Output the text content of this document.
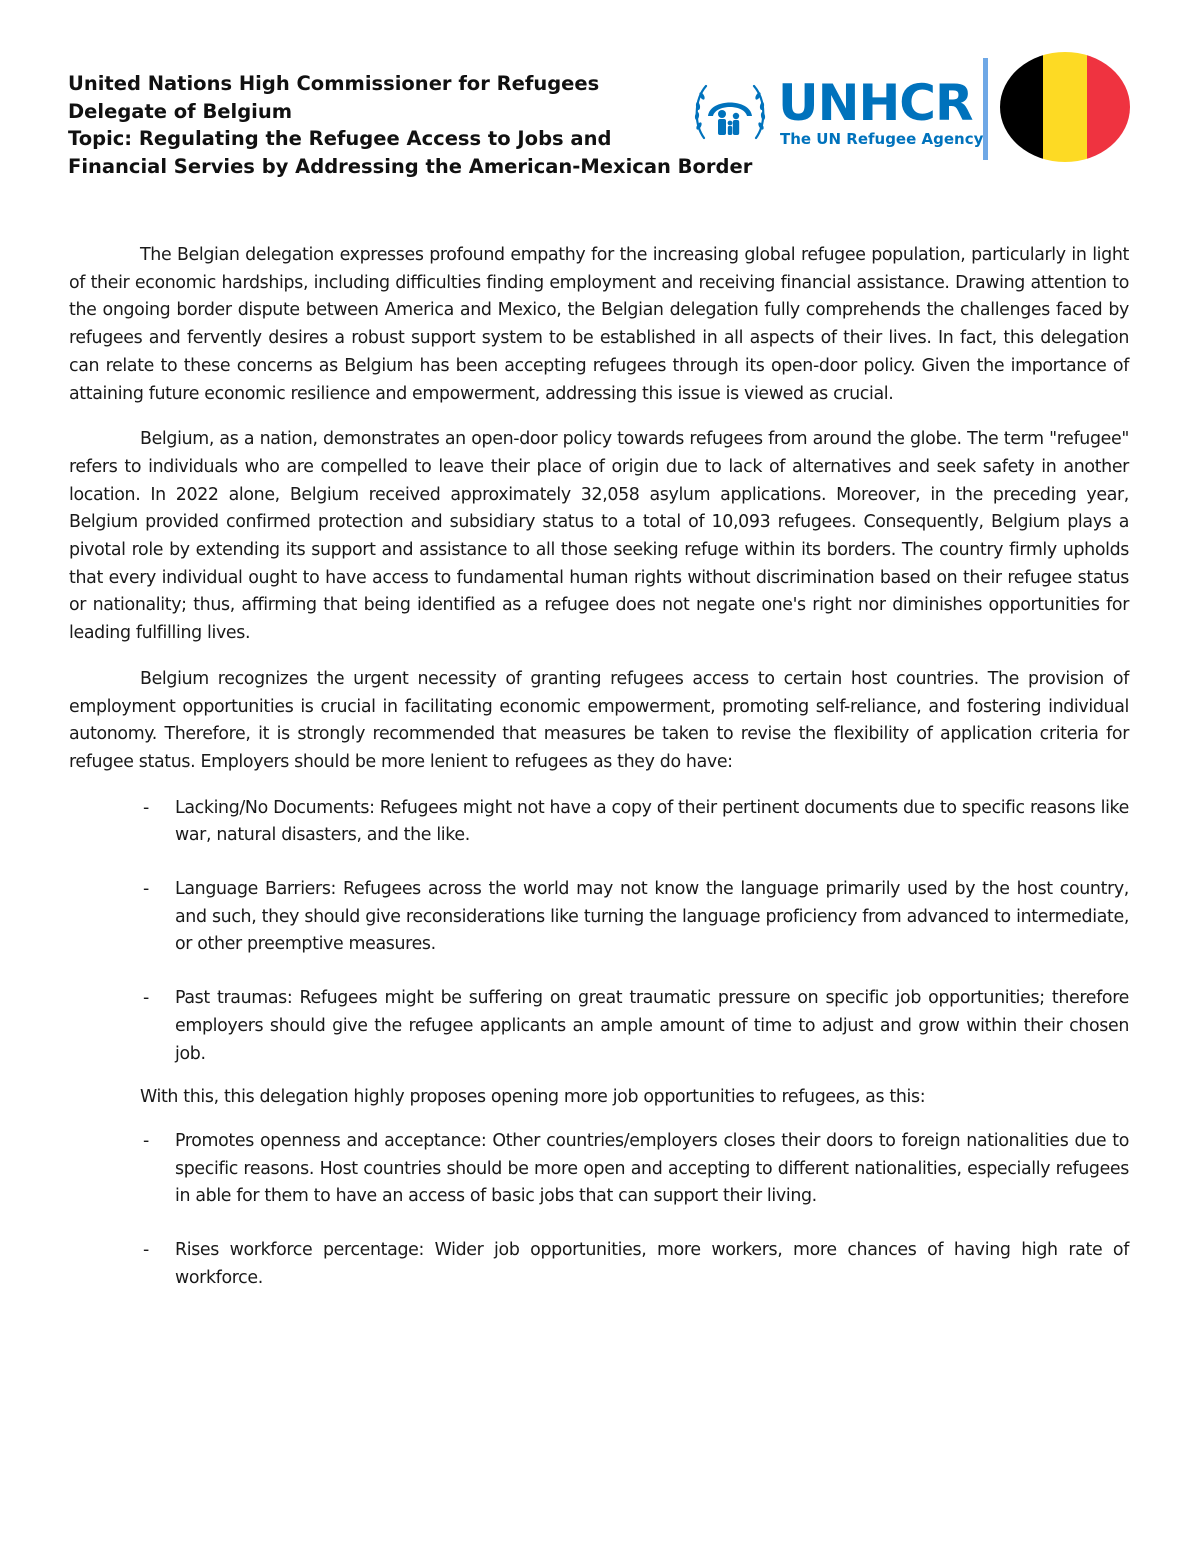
United Nations High Commissioner for Refugees
Delegate of Belgium
Topic: Regulating the Refugee Access to Jobs and
Financial Servies by Addressing the American-Mexican Border
UNHCR
The UN Refugee Agency

The Belgian delegation expresses profound empathy for the increasing global refugee population, particularly in light of their economic hardships, including difficulties finding employment and receiving financial assistance. Drawing attention to the ongoing border dispute between America and Mexico, the Belgian delegation fully comprehends the challenges faced by refugees and fervently desires a robust support system to be established in all aspects of their lives. In fact, this delegation can relate to these concerns as Belgium has been accepting refugees through its open-door policy. Given the importance of attaining future economic resilience and empowerment, addressing this issue is viewed as crucial.

Belgium, as a nation, demonstrates an open-door policy towards refugees from around the globe. The term "refugee" refers to individuals who are compelled to leave their place of origin due to lack of alternatives and seek safety in another location. In 2022 alone, Belgium received approximately 32,058 asylum applications. Moreover, in the preceding year, Belgium provided confirmed protection and subsidiary status to a total of 10,093 refugees. Consequently, Belgium plays a pivotal role by extending its support and assistance to all those seeking refuge within its borders. The country firmly upholds that every individual ought to have access to fundamental human rights without discrimination based on their refugee status or nationality; thus, affirming that being identified as a refugee does not negate one's right nor diminishes opportunities for leading fulfilling lives.

Belgium recognizes the urgent necessity of granting refugees access to certain host countries. The provision of employment opportunities is crucial in facilitating economic empowerment, promoting self-reliance, and fostering individual autonomy. Therefore, it is strongly recommended that measures be taken to revise the flexibility of application criteria for refugee status. Employers should be more lenient to refugees as they do have:

- Lacking/No Documents: Refugees might not have a copy of their pertinent documents due to specific reasons like war, natural disasters, and the like.
- Language Barriers: Refugees across the world may not know the language primarily used by the host country, and such, they should give reconsiderations like turning the language proficiency from advanced to intermediate, or other preemptive measures.
- Past traumas: Refugees might be suffering on great traumatic pressure on specific job opportunities; therefore employers should give the refugee applicants an ample amount of time to adjust and grow within their chosen job.

With this, this delegation highly proposes opening more job opportunities to refugees, as this:

- Promotes openness and acceptance: Other countries/employers closes their doors to foreign nationalities due to specific reasons. Host countries should be more open and accepting to different nationalities, especially refugees in able for them to have an access of basic jobs that can support their living.
- Rises workforce percentage: Wider job opportunities, more workers, more chances of having high rate of workforce.
